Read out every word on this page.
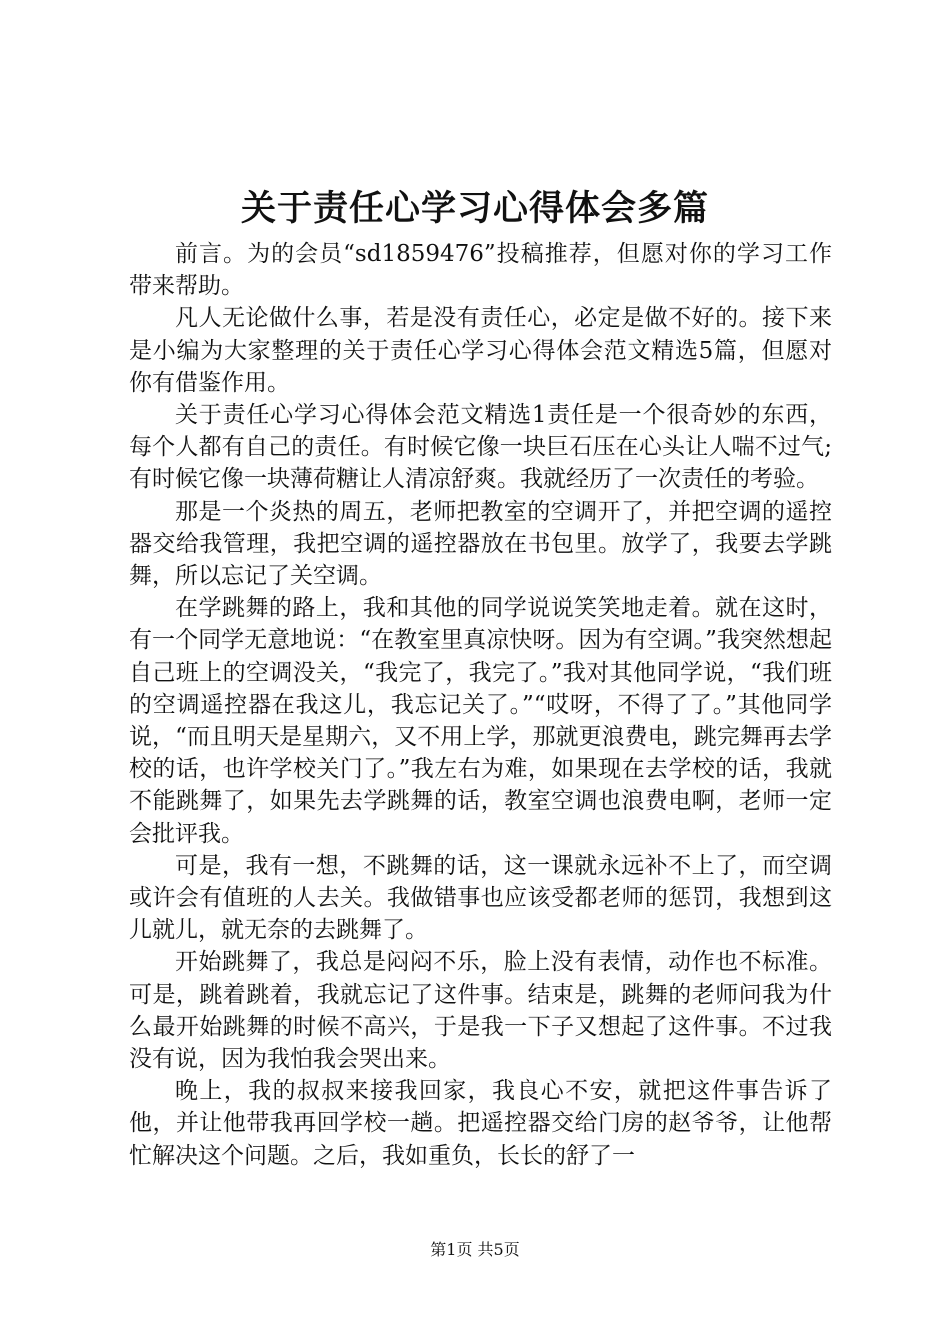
关于责任心学习心得体会多篇

前言。为的会员“sd1859476”投稿推荐，但愿对你的学习工作带来帮助。

凡人无论做什么事，若是没有责任心，必定是做不好的。接下来是小编为大家整理的关于责任心学习心得体会范文精选5篇，但愿对你有借鉴作用。

关于责任心学习心得体会范文精选1责任是一个很奇妙的东西，每个人都有自己的责任。有时候它像一块巨石压在心头让人喘不过气;有时候它像一块薄荷糖让人清凉舒爽。我就经历了一次责任的考验。

那是一个炎热的周五，老师把教室的空调开了，并把空调的遥控器交给我管理，我把空调的遥控器放在书包里。放学了，我要去学跳舞，所以忘记了关空调。

在学跳舞的路上，我和其他的同学说说笑笑地走着。就在这时，有一个同学无意地说：“在教室里真凉快呀。因为有空调。”我突然想起自己班上的空调没关，“我完了，我完了。”我对其他同学说，“我们班的空调遥控器在我这儿，我忘记关了。”“哎呀，不得了了。”其他同学说，“而且明天是星期六，又不用上学，那就更浪费电，跳完舞再去学校的话，也许学校关门了。”我左右为难，如果现在去学校的话，我就不能跳舞了，如果先去学跳舞的话，教室空调也浪费电啊，老师一定会批评我。

可是，我有一想，不跳舞的话，这一课就永远补不上了，而空调或许会有值班的人去关。我做错事也应该受都老师的惩罚，我想到这儿就儿，就无奈的去跳舞了。

开始跳舞了，我总是闷闷不乐，脸上没有表情，动作也不标准。可是，跳着跳着，我就忘记了这件事。结束是，跳舞的老师问我为什么最开始跳舞的时候不高兴，于是我一下子又想起了这件事。不过我没有说，因为我怕我会哭出来。

晚上，我的叔叔来接我回家，我良心不安，就把这件事告诉了他，并让他带我再回学校一趟。把遥控器交给门房的赵爷爷，让他帮忙解决这个问题。之后，我如重负，长长的舒了一

第1页 共5页
